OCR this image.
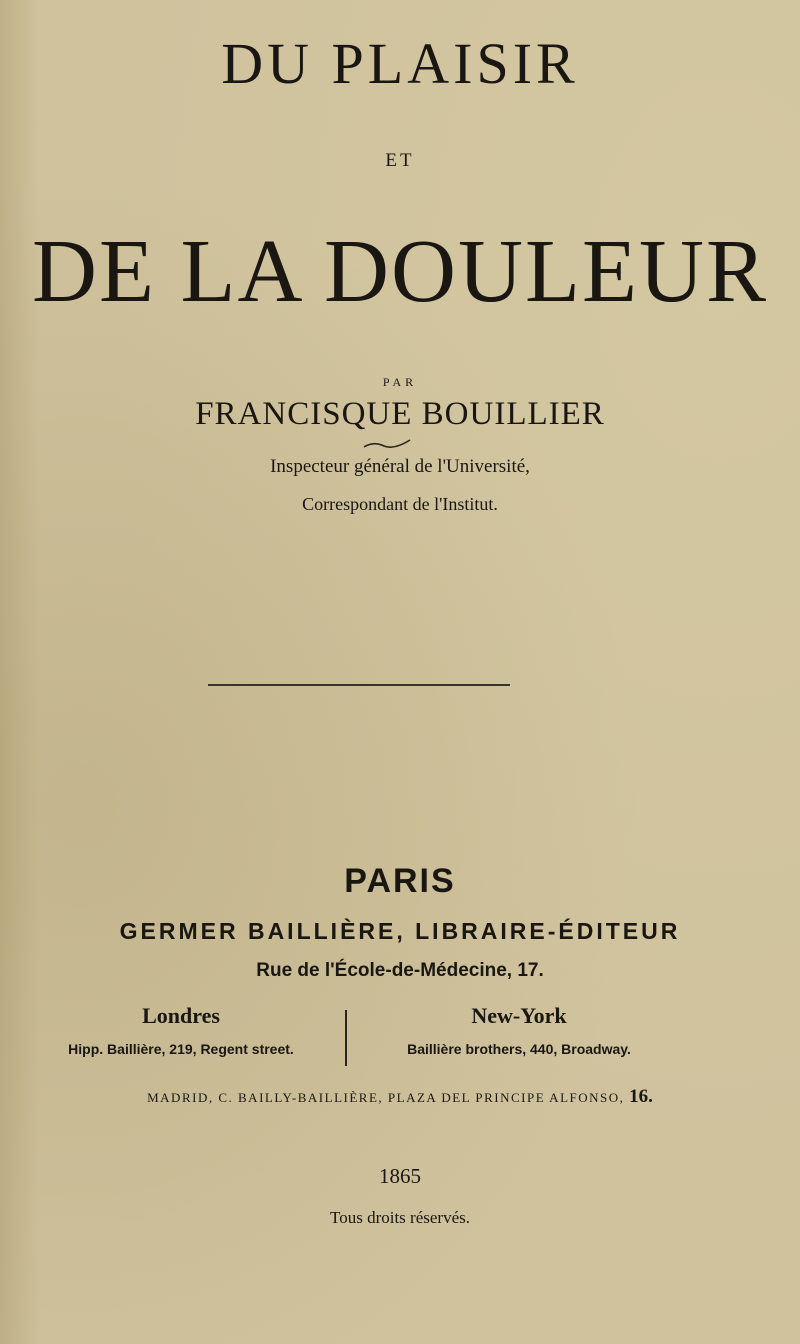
DU PLAISIR
ET
DE LA DOULEUR
PAR
FRANCISQUE BOUILLIER
Inspecteur général de l'Université,
Correspondant de l'Institut.
PARIS
GERMER BAILLIÈRE, LIBRAIRE-ÉDITEUR
Rue de l'École-de-Médecine, 17.
Londres
Hipp. Baillière, 219, Regent street.
New-York
Baillière brothers, 440, Broadway.
MADRID, C. BAILLY-BAILLIÈRE, PLAZA DEL PRINCIPE ALFONSO, 16.
1865
Tous droits réservés.
